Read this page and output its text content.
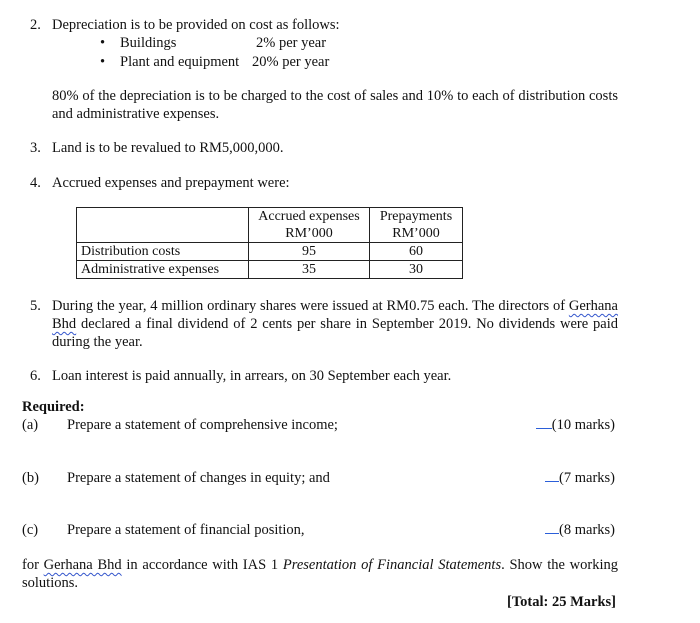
2. Depreciation is to be provided on cost as follows:
• Buildings	2% per year
• Plant and equipment 20% per year
80% of the depreciation is to be charged to the cost of sales and 10% to each of distribution costs and administrative expenses.
3. Land is to be revalued to RM5,000,000.
4. Accrued expenses and prepayment were:
	Accrued expenses	Prepayments
	RM’000	RM’000
Distribution costs	95	60
Administrative expenses	35	30
5. During the year, 4 million ordinary shares were issued at RM0.75 each. The directors of Gerhana Bhd declared a final dividend of 2 cents per share in September 2019. No dividends were paid during the year.
6. Loan interest is paid annually, in arrears, on 30 September each year.
Required:
(a) Prepare a statement of comprehensive income;	(10 marks)
(b) Prepare a statement of changes in equity; and	(7 marks)
(c) Prepare a statement of financial position,	(8 marks)
for Gerhana Bhd in accordance with IAS 1 Presentation of Financial Statements. Show the working solutions.
[Total: 25 Marks]
